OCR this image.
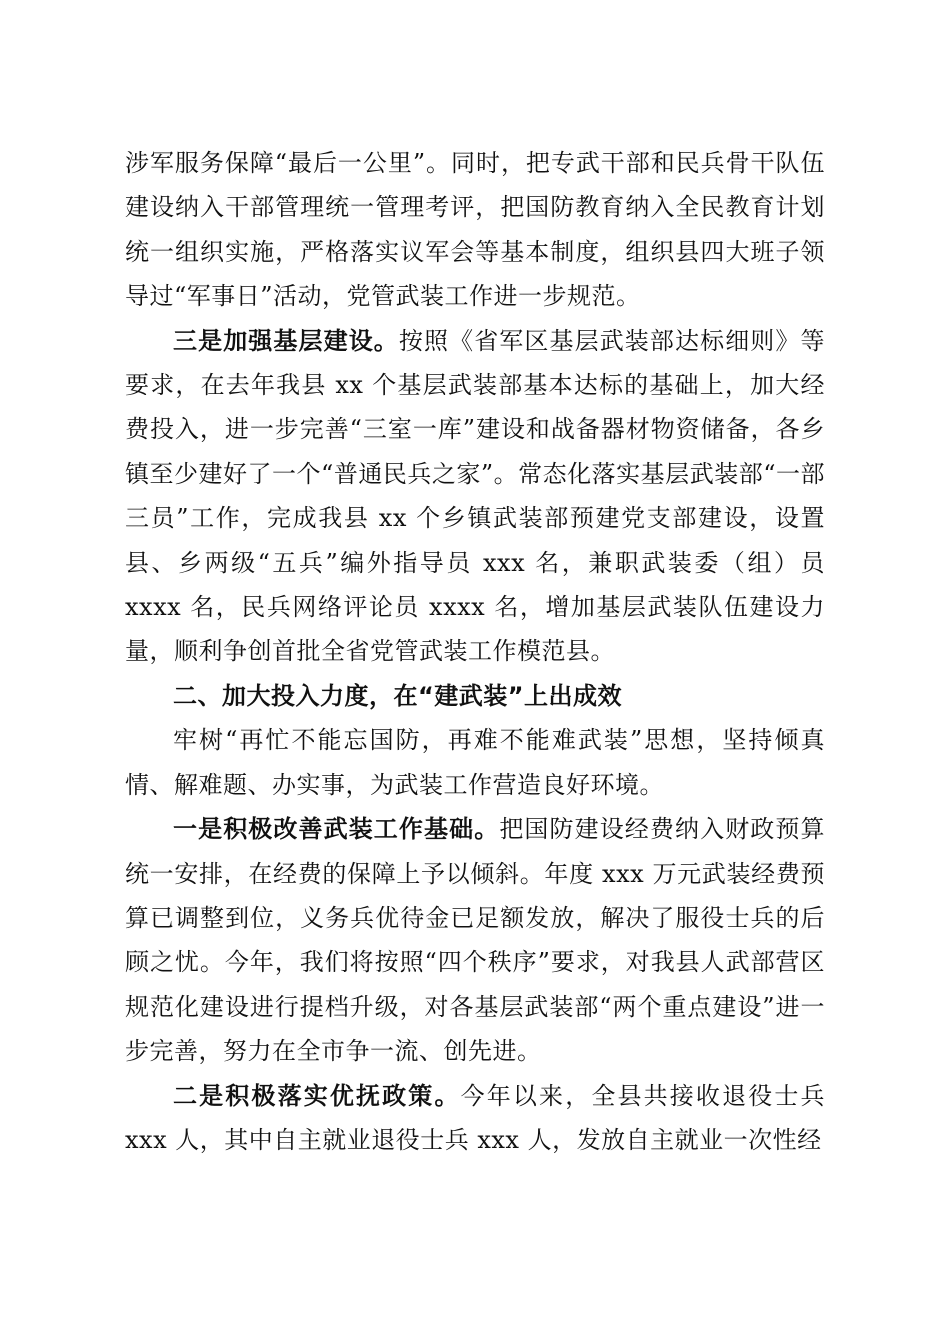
涉军服务保障“最后一公里”。同时，把专武干部和民兵骨干队伍建设纳入干部管理统一管理考评，把国防教育纳入全民教育计划统一组织实施，严格落实议军会等基本制度，组织县四大班子领导过“军事日”活动，党管武装工作进一步规范。

三是加强基层建设。按照《省军区基层武装部达标细则》等要求，在去年我县 xx 个基层武装部基本达标的基础上，加大经费投入，进一步完善“三室一库”建设和战备器材物资储备，各乡镇至少建好了一个“普通民兵之家”。常态化落实基层武装部“一部三员”工作，完成我县 xx 个乡镇武装部预建党支部建设，设置县、乡两级“五兵”编外指导员 xxx 名，兼职武装委（组）员 xxxx 名，民兵网络评论员 xxxx 名，增加基层武装队伍建设力量，顺利争创首批全省党管武装工作模范县。

二、加大投入力度，在“建武装”上出成效

牢树“再忙不能忘国防，再难不能难武装”思想，坚持倾真情、解难题、办实事，为武装工作营造良好环境。

一是积极改善武装工作基础。把国防建设经费纳入财政预算统一安排，在经费的保障上予以倾斜。年度 xxx 万元武装经费预算已调整到位，义务兵优待金已足额发放，解决了服役士兵的后顾之忧。今年，我们将按照“四个秩序”要求，对我县人武部营区规范化建设进行提档升级，对各基层武装部“两个重点建设”进一步完善，努力在全市争一流、创先进。

二是积极落实优抚政策。今年以来，全县共接收退役士兵 xxx 人，其中自主就业退役士兵 xxx 人，发放自主就业一次性经
